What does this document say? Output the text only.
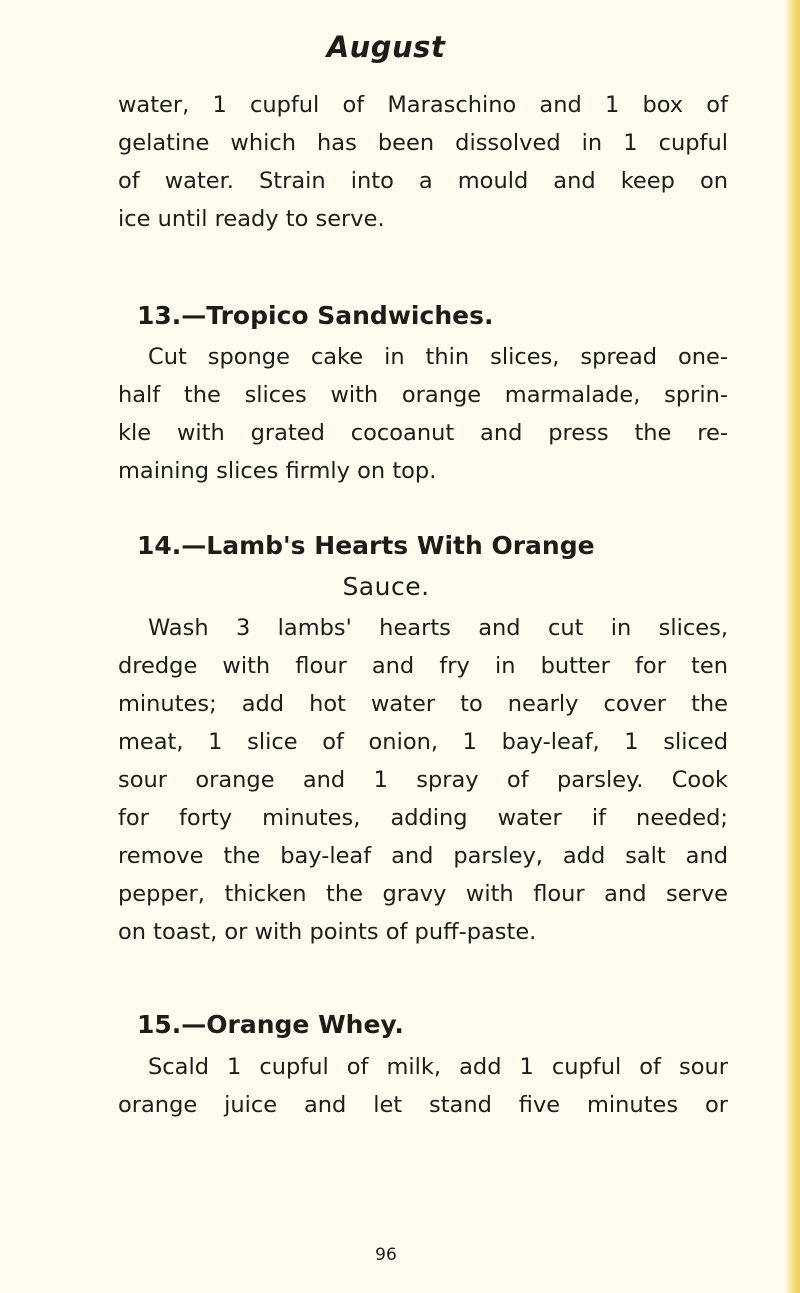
August
water, 1 cupful of Maraschino and 1 box of
gelatine which has been dissolved in 1 cupful
of water. Strain into a mould and keep on
ice until ready to serve.
13.—Tropico Sandwiches.
Cut sponge cake in thin slices, spread one-
half the slices with orange marmalade, sprin-
kle with grated cocoanut and press the re-
maining slices firmly on top.
14.—Lamb's Hearts With Orange
Sauce.
Wash 3 lambs' hearts and cut in slices,
dredge with flour and fry in butter for ten
minutes; add hot water to nearly cover the
meat, 1 slice of onion, 1 bay-leaf, 1 sliced
sour orange and 1 spray of parsley. Cook
for forty minutes, adding water if needed;
remove the bay-leaf and parsley, add salt and
pepper, thicken the gravy with flour and serve
on toast, or with points of puff-paste.
15.—Orange Whey.
Scald 1 cupful of milk, add 1 cupful of sour
orange juice and let stand five minutes or
96
